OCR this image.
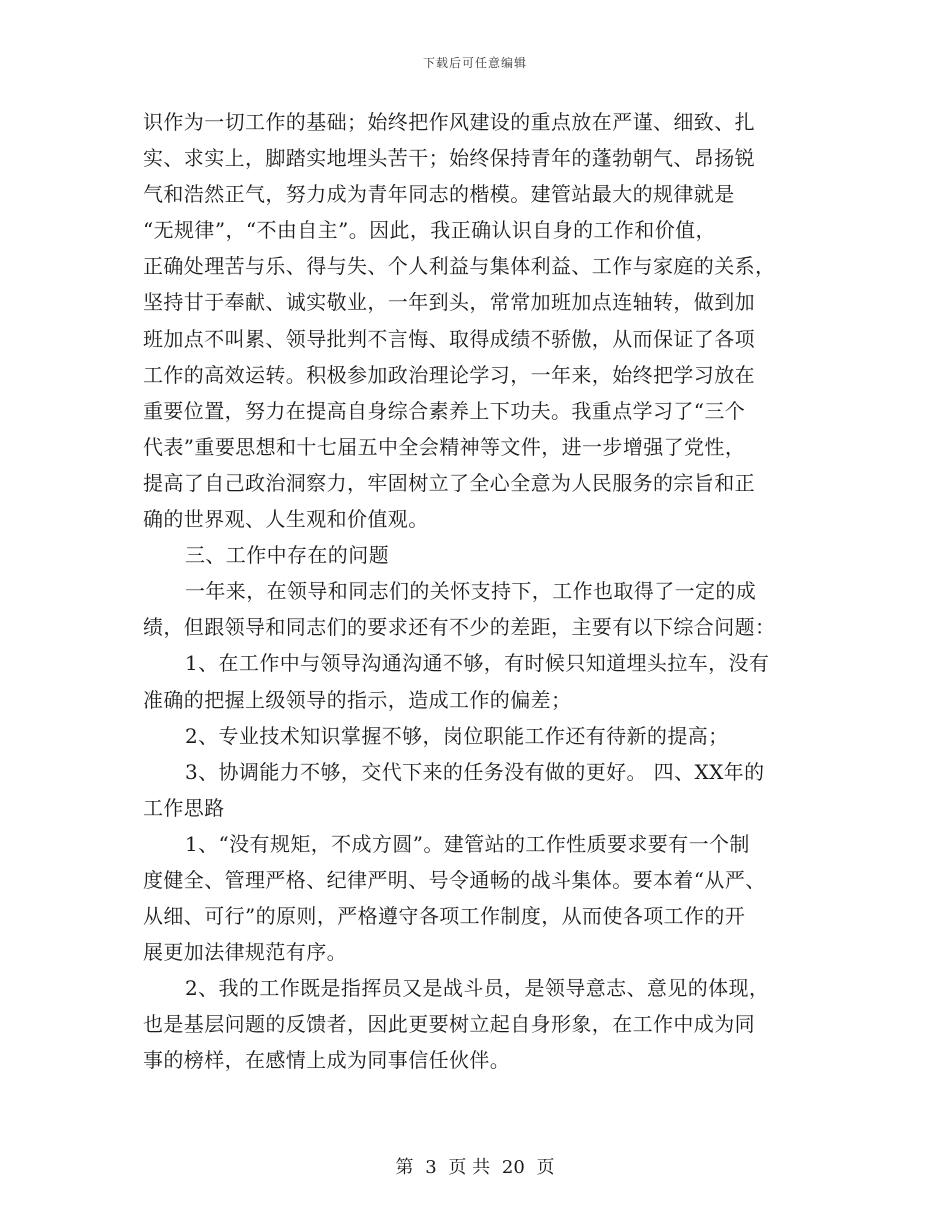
下载后可任意编辑
识作为一切工作的基础；始终把作风建设的重点放在严谨、细致、扎
实、求实上，脚踏实地埋头苦干；始终保持青年的蓬勃朝气、昂扬锐
气和浩然正气，努力成为青年同志的楷模。建管站最大的规律就是
“无规律”，“不由自主”。因此，我正确认识自身的工作和价值，
正确处理苦与乐、得与失、个人利益与集体利益、工作与家庭的关系，
坚持甘于奉献、诚实敬业，一年到头，常常加班加点连轴转，做到加
班加点不叫累、领导批判不言悔、取得成绩不骄傲，从而保证了各项
工作的高效运转。积极参加政治理论学习，一年来，始终把学习放在
重要位置，努力在提高自身综合素养上下功夫。我重点学习了“三个
代表”重要思想和十七届五中全会精神等文件，进一步增强了党性，
提高了自己政治洞察力，牢固树立了全心全意为人民服务的宗旨和正
确的世界观、人生观和价值观。
三、工作中存在的问题
一年来，在领导和同志们的关怀支持下，工作也取得了一定的成
绩，但跟领导和同志们的要求还有不少的差距，主要有以下综合问题：
1、在工作中与领导沟通沟通不够，有时候只知道埋头拉车，没有
准确的把握上级领导的指示，造成工作的偏差；
2、专业技术知识掌握不够，岗位职能工作还有待新的提高；
3、协调能力不够，交代下来的任务没有做的更好。 四、XX年的
工作思路
1、“没有规矩，不成方圆”。建管站的工作性质要求要有一个制
度健全、管理严格、纪律严明、号令通畅的战斗集体。要本着“从严、
从细、可行”的原则，严格遵守各项工作制度，从而使各项工作的开
展更加法律规范有序。
2、我的工作既是指挥员又是战斗员，是领导意志、意见的体现，
也是基层问题的反馈者，因此更要树立起自身形象，在工作中成为同
事的榜样，在感情上成为同事信任伙伴。
第 3 页 共 20 页
